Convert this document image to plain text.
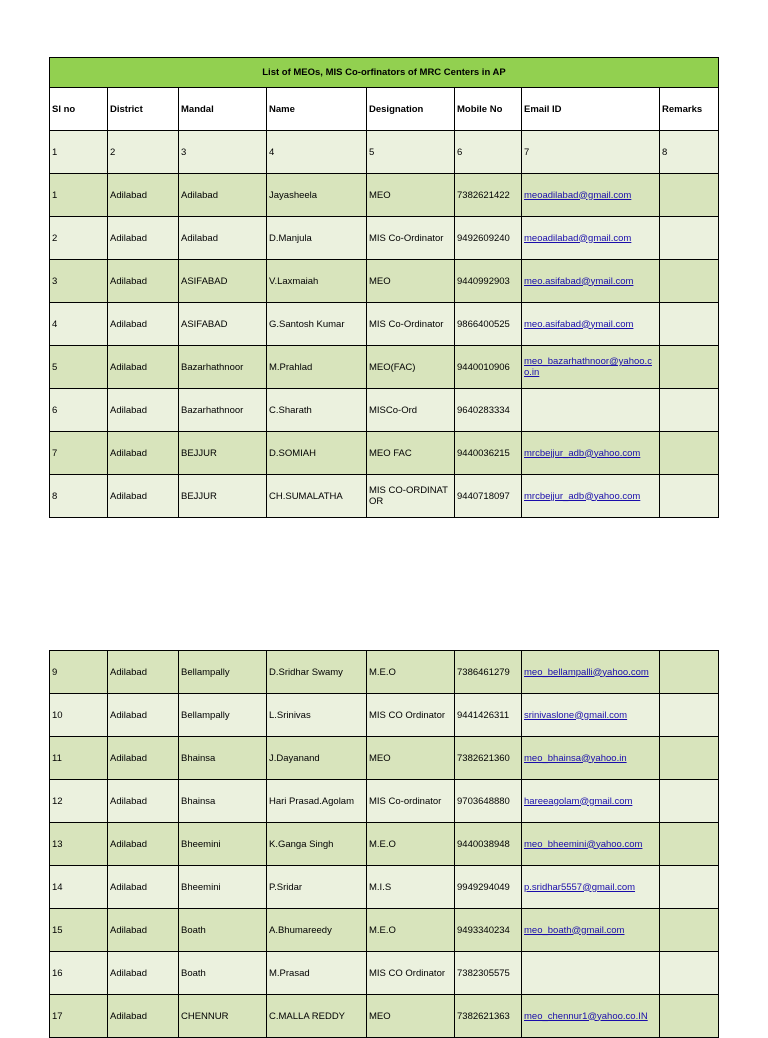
List of MEOs, MIS Co-orfinators of MRC Centers in AP							
Sl no	District	Mandal	Name	Designation	Mobile No	Email ID	Remarks
1	2	3	4	5	6	7	8
1	Adilabad	Adilabad	Jayasheela	MEO	7382621422	meoadilabad@gmail.com	
2	Adilabad	Adilabad	D.Manjula	MIS Co-Ordinator	9492609240	meoadilabad@gmail.com	
3	Adilabad	ASIFABAD	V.Laxmaiah	MEO	9440992903	meo.asifabad@ymail.com	
4	Adilabad	ASIFABAD	G.Santosh Kumar	MIS Co-Ordinator	9866400525	meo.asifabad@ymail.com	
5	Adilabad	Bazarhathnoor	M.Prahlad	MEO(FAC)	9440010906	meo_bazarhathnoor@yahoo.co.in	
6	Adilabad	Bazarhathnoor	C.Sharath	MISCo-Ord	9640283334		
7	Adilabad	BEJJUR	D.SOMIAH	MEO FAC	9440036215	mrcbejjur_adb@yahoo.com	
8	Adilabad	BEJJUR	CH.SUMALATHA	MIS CO-ORDINATOR	9440718097	mrcbejjur_adb@yahoo.com	
9	Adilabad	Bellampally	D.Sridhar Swamy	M.E.O	7386461279	meo_bellampalli@yahoo.com	
10	Adilabad	Bellampally	L.Srinivas	MIS CO Ordinator	9441426311	srinivaslone@gmail.com	
11	Adilabad	Bhainsa	J.Dayanand	MEO	7382621360	meo_bhainsa@yahoo.in	
12	Adilabad	Bhainsa	Hari Prasad.Agolam	MIS Co-ordinator	9703648880	hareeagolam@gmail.com	
13	Adilabad	Bheemini	K.Ganga Singh	M.E.O	9440038948	meo_bheemini@yahoo.com	
14	Adilabad	Bheemini	P.Sridar	M.I.S	9949294049	p.sridhar5557@gmail.com	
15	Adilabad	Boath	A.Bhumareedy	M.E.O	9493340234	meo_boath@gmail.com	
16	Adilabad	Boath	M.Prasad	MIS CO Ordinator	7382305575		
17	Adilabad	CHENNUR	C.MALLA REDDY	MEO	7382621363	meo_chennur1@yahoo.co.IN	
